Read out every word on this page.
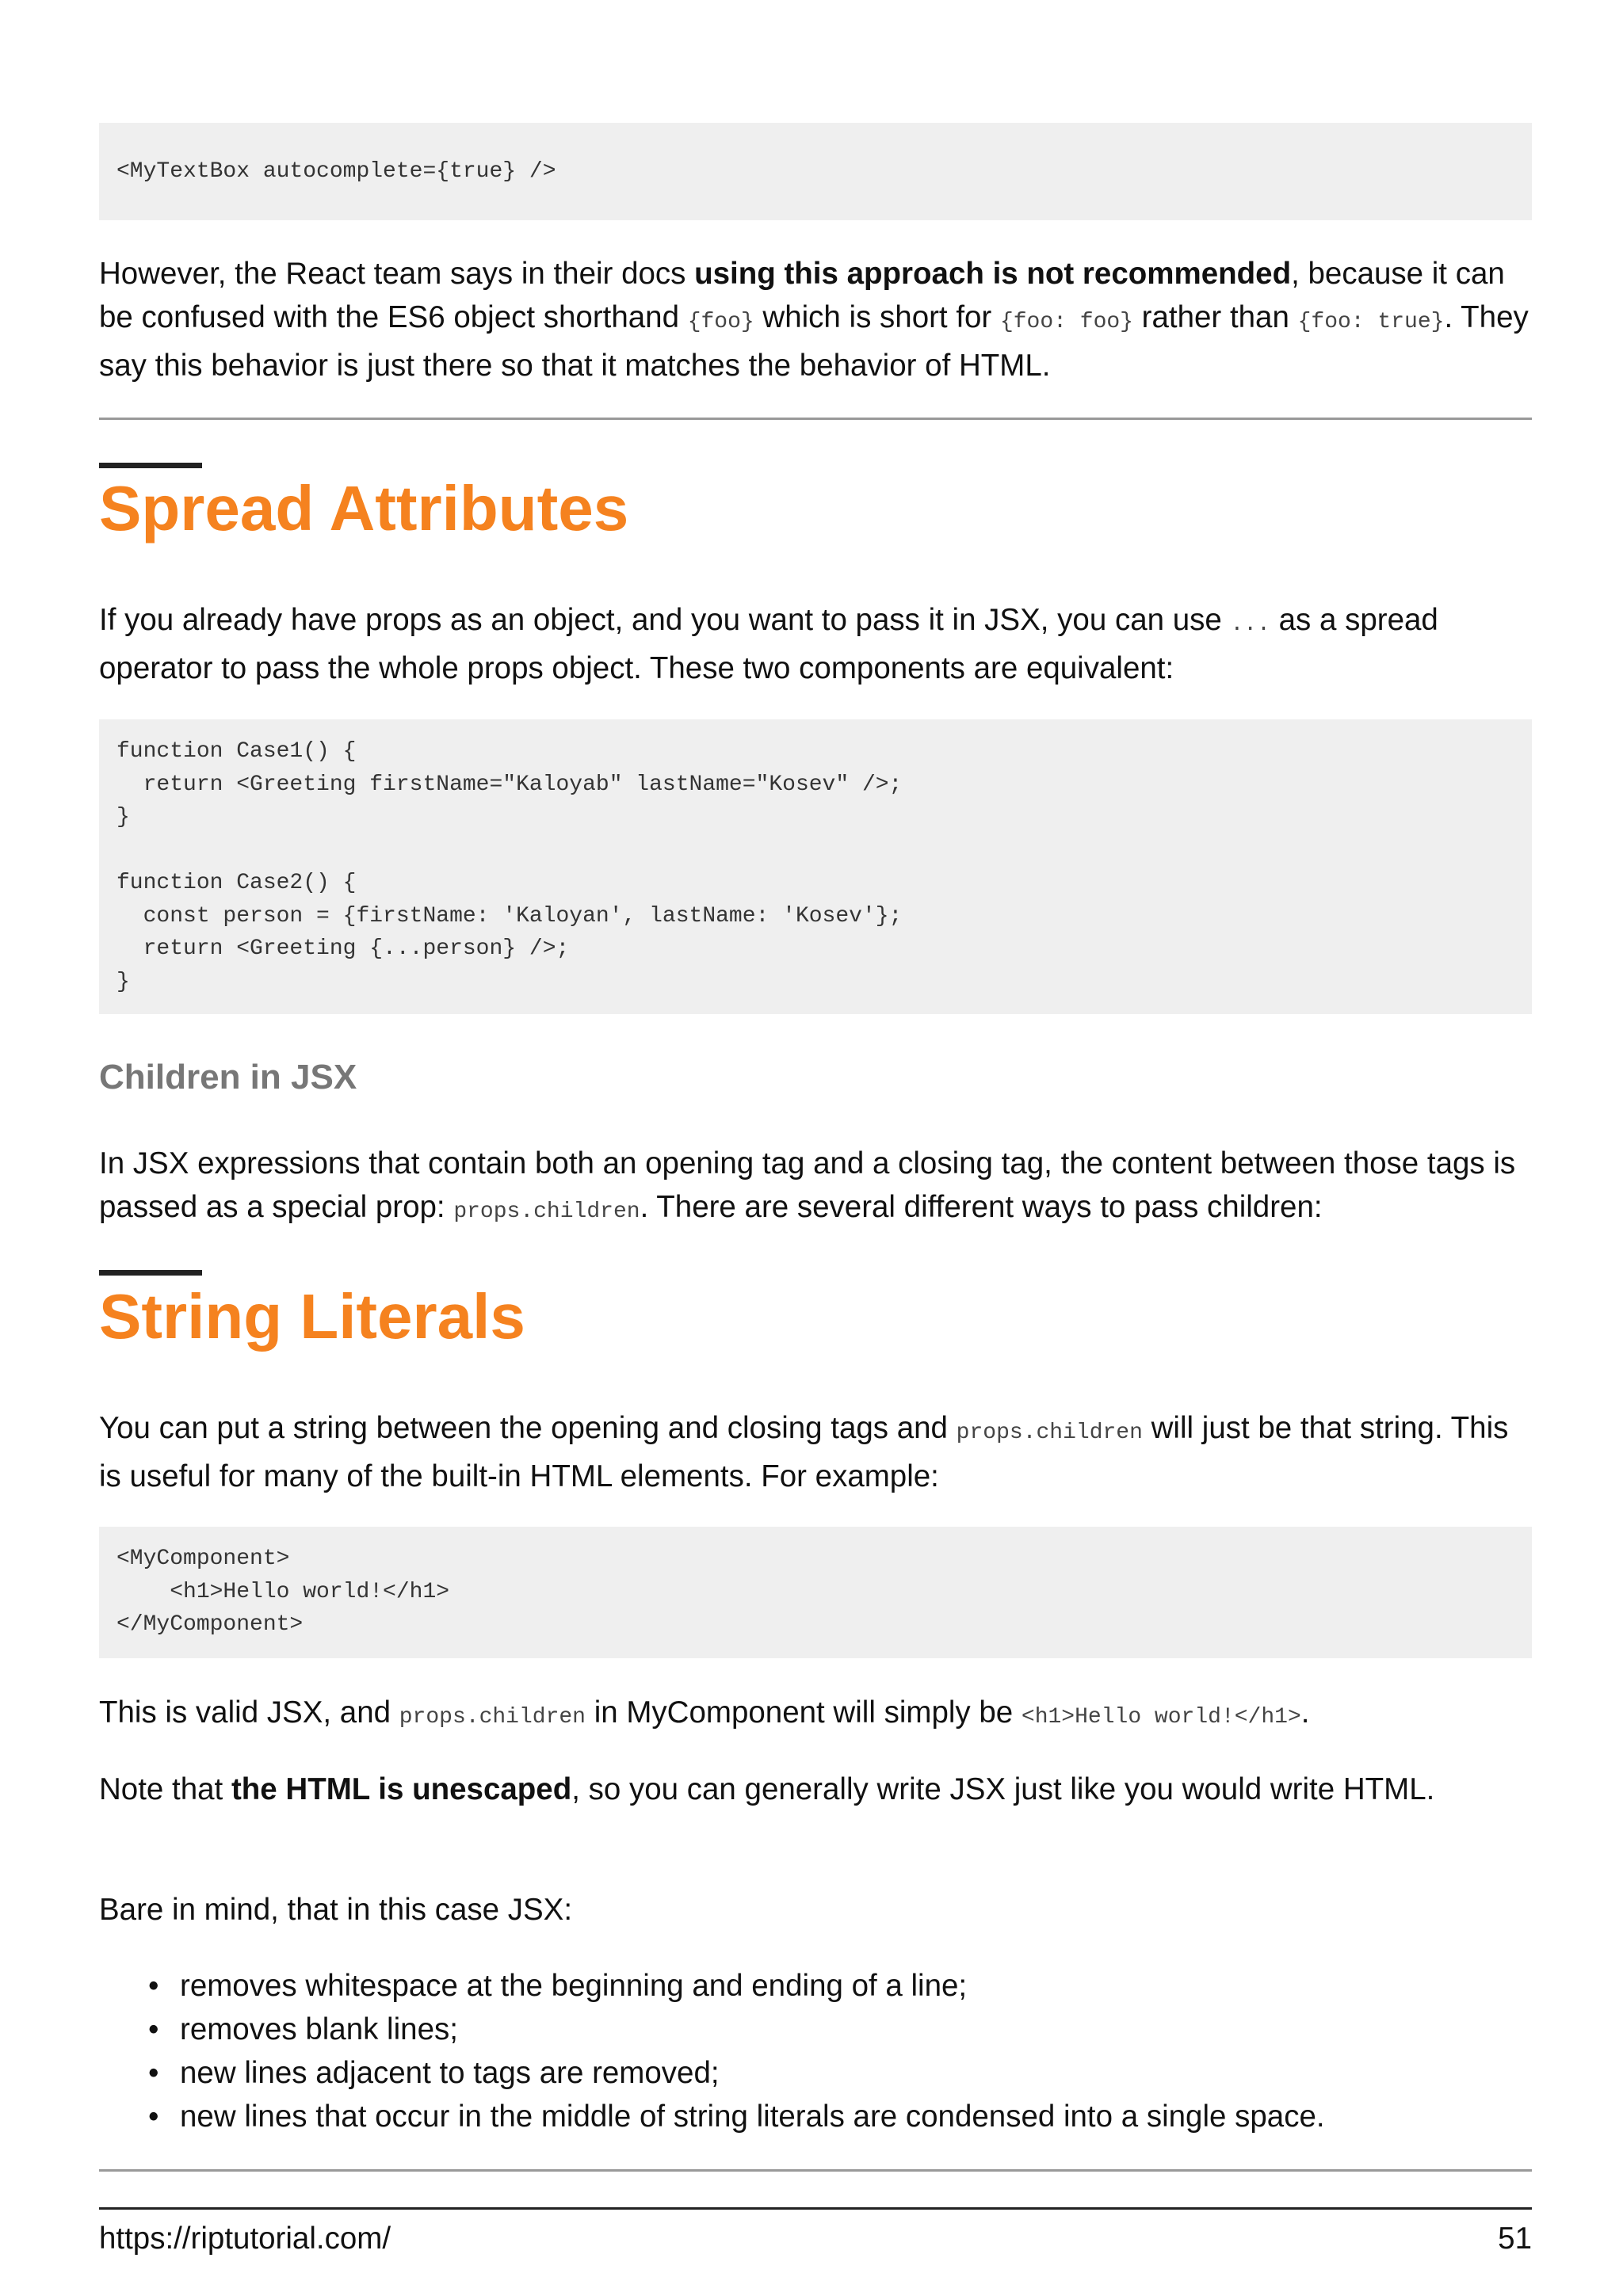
<MyTextBox autocomplete={true} />
However, the React team says in their docs using this approach is not recommended, because it can be confused with the ES6 object shorthand {foo} which is short for {foo: foo} rather than {foo: true}. They say this behavior is just there so that it matches the behavior of HTML.
Spread Attributes
If you already have props as an object, and you want to pass it in JSX, you can use ... as a spread operator to pass the whole props object. These two components are equivalent:
function Case1() {
return <Greeting firstName="Kaloyab" lastName="Kosev" />;
}

function Case2() {
const person = {firstName: 'Kaloyan', lastName: 'Kosev'};
return <Greeting {...person} />;
}
Children in JSX
In JSX expressions that contain both an opening tag and a closing tag, the content between those tags is passed as a special prop: props.children. There are several different ways to pass children:
String Literals
You can put a string between the opening and closing tags and props.children will just be that string. This is useful for many of the built-in HTML elements. For example:
<MyComponent>
<h1>Hello world!</h1>
</MyComponent>
This is valid JSX, and props.children in MyComponent will simply be <h1>Hello world!</h1>.
Note that the HTML is unescaped, so you can generally write JSX just like you would write HTML.
Bare in mind, that in this case JSX:
• removes whitespace at the beginning and ending of a line;
• removes blank lines;
• new lines adjacent to tags are removed;
• new lines that occur in the middle of string literals are condensed into a single space.
https://riptutorial.com/	51
